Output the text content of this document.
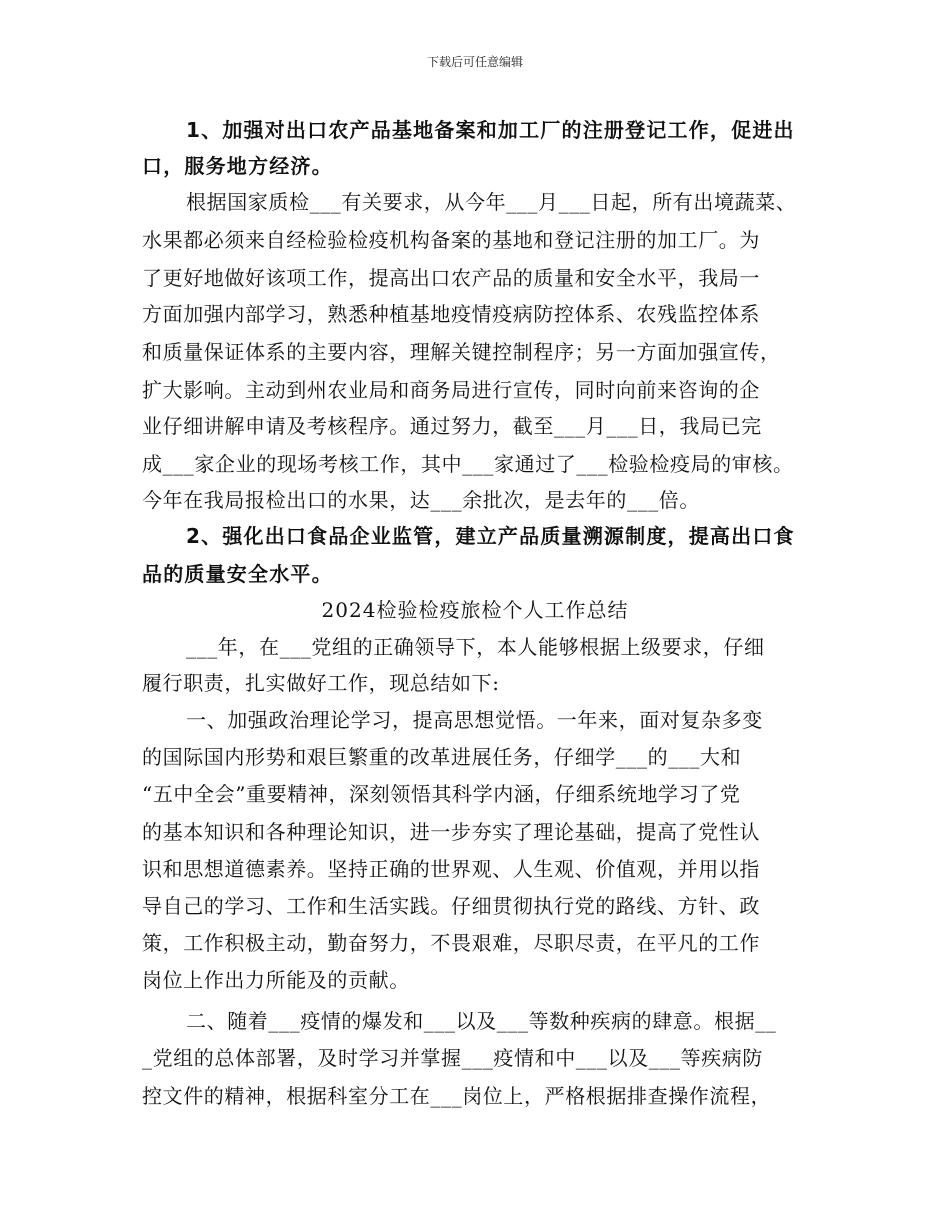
下载后可任意编辑
1、加强对出口农产品基地备案和加工厂的注册登记工作，促进出
口，服务地方经济。
根据国家质检___有关要求，从今年___月___日起，所有出境蔬菜、
水果都必须来自经检验检疫机构备案的基地和登记注册的加工厂。为
了更好地做好该项工作，提高出口农产品的质量和安全水平，我局一
方面加强内部学习，熟悉种植基地疫情疫病防控体系、农残监控体系
和质量保证体系的主要内容，理解关键控制程序；另一方面加强宣传，
扩大影响。主动到州农业局和商务局进行宣传，同时向前来咨询的企
业仔细讲解申请及考核程序。通过努力，截至___月___日，我局已完
成___家企业的现场考核工作，其中___家通过了___检验检疫局的审核。
今年在我局报检出口的水果，达___余批次，是去年的___倍。
2、强化出口食品企业监管，建立产品质量溯源制度，提高出口食
品的质量安全水平。
2024检验检疫旅检个人工作总结
___年，在___党组的正确领导下，本人能够根据上级要求，仔细
履行职责，扎实做好工作，现总结如下:
一、加强政治理论学习，提高思想觉悟。一年来，面对复杂多变
的国际国内形势和艰巨繁重的改革进展任务，仔细学___的___大和
“五中全会”重要精神，深刻领悟其科学内涵，仔细系统地学习了党
的基本知识和各种理论知识，进一步夯实了理论基础，提高了党性认
识和思想道德素养。坚持正确的世界观、人生观、价值观，并用以指
导自己的学习、工作和生活实践。仔细贯彻执行党的路线、方针、政
策，工作积极主动，勤奋努力，不畏艰难，尽职尽责，在平凡的工作
岗位上作出力所能及的贡献。
二、随着___疫情的爆发和___以及___等数种疾病的肆意。根据__
_党组的总体部署，及时学习并掌握___疫情和中___以及___等疾病防
控文件的精神，根据科室分工在___岗位上，严格根据排查操作流程，
